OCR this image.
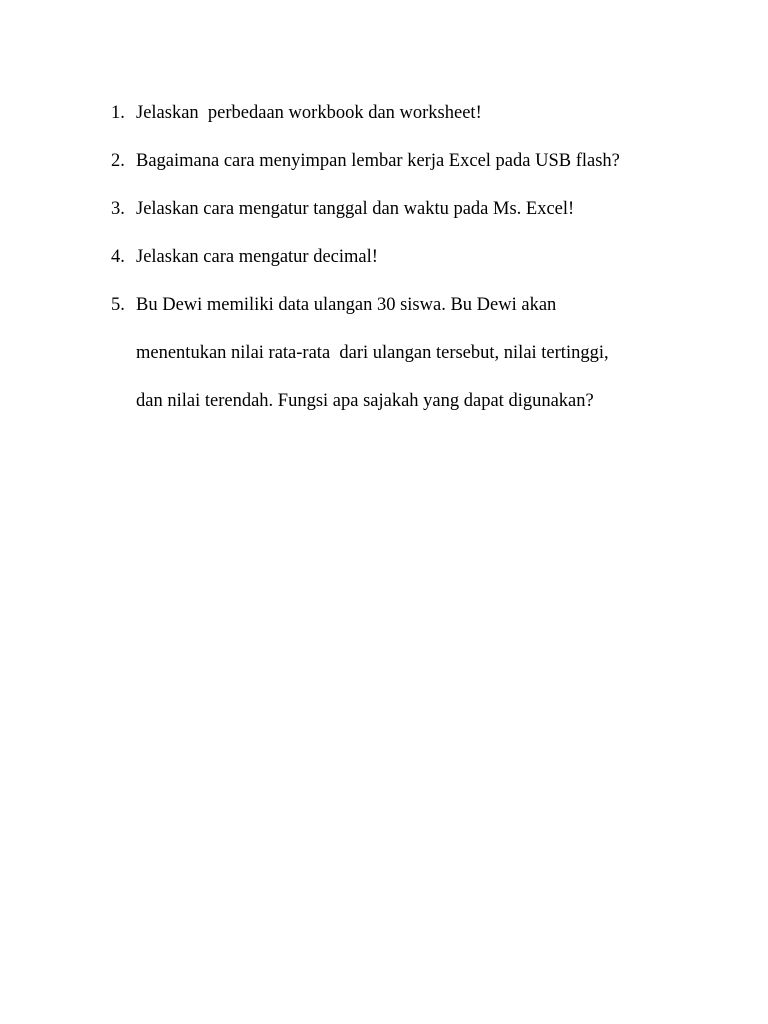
1. Jelaskan  perbedaan workbook dan worksheet!
2. Bagaimana cara menyimpan lembar kerja Excel pada USB flash?
3. Jelaskan cara mengatur tanggal dan waktu pada Ms. Excel!
4. Jelaskan cara mengatur decimal!
5. Bu Dewi memiliki data ulangan 30 siswa. Bu Dewi akan
menentukan nilai rata-rata  dari ulangan tersebut, nilai tertinggi,
dan nilai terendah. Fungsi apa sajakah yang dapat digunakan?
